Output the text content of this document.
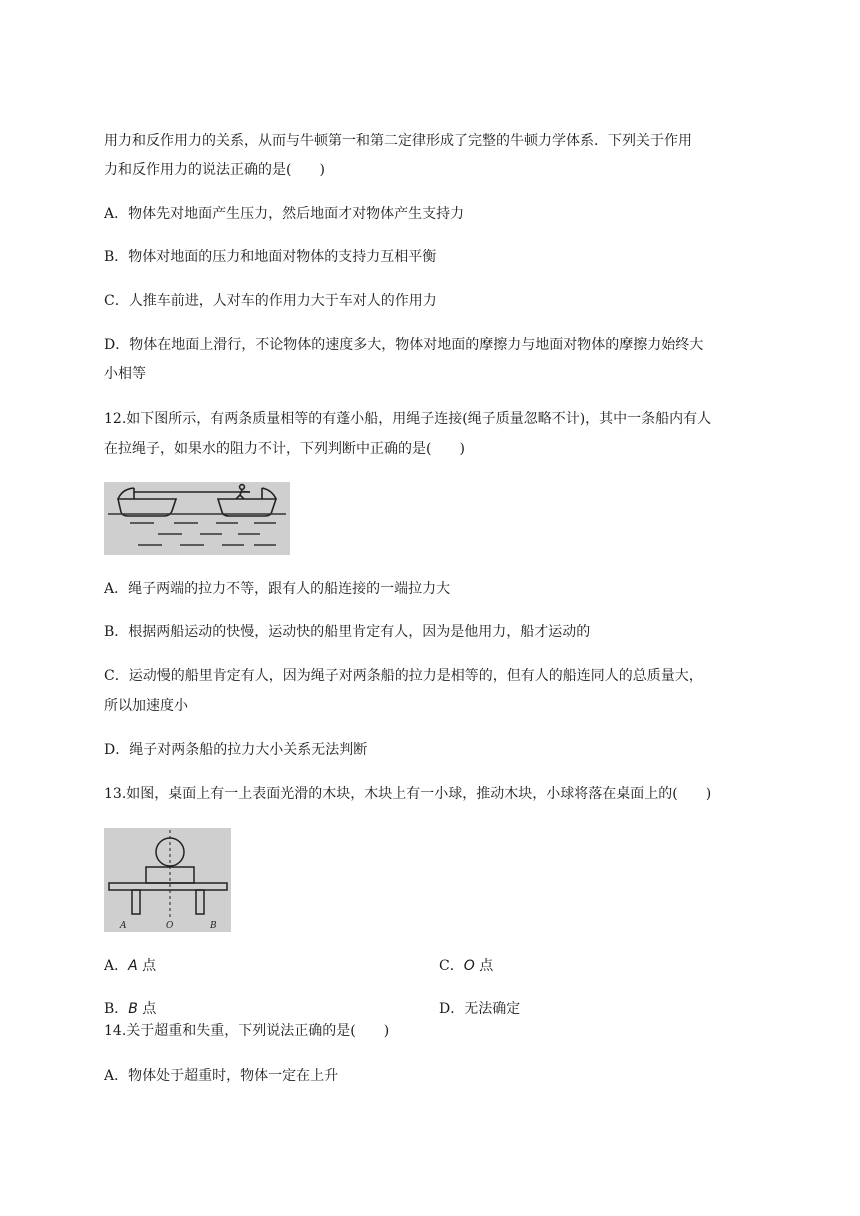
用力和反作用力的关系，从而与牛顿第一和第二定律形成了完整的牛顿力学体系．下列关于作用
力和反作用力的说法正确的是(　　)
A．物体先对地面产生压力，然后地面才对物体产生支持力
B．物体对地面的压力和地面对物体的支持力互相平衡
C．人推车前进，人对车的作用力大于车对人的作用力
D．物体在地面上滑行，不论物体的速度多大，物体对地面的摩擦力与地面对物体的摩擦力始终大
小相等
12.如下图所示，有两条质量相等的有蓬小船，用绳子连接(绳子质量忽略不计)，其中一条船内有人
在拉绳子，如果水的阻力不计，下列判断中正确的是(　　)
A．绳子两端的拉力不等，跟有人的船连接的一端拉力大
B．根据两船运动的快慢，运动快的船里肯定有人，因为是他用力，船才运动的
C．运动慢的船里肯定有人，因为绳子对两条船的拉力是相等的，但有人的船连同人的总质量大，
所以加速度小
D．绳子对两条船的拉力大小关系无法判断
13.如图，桌面上有一上表面光滑的木块，木块上有一小球，推动木块，小球将落在桌面上的(　　)
A	O	B
A．A 点	C．O 点
B．B 点	D．无法确定
14.关于超重和失重，下列说法正确的是(　　)
A．物体处于超重时，物体一定在上升
